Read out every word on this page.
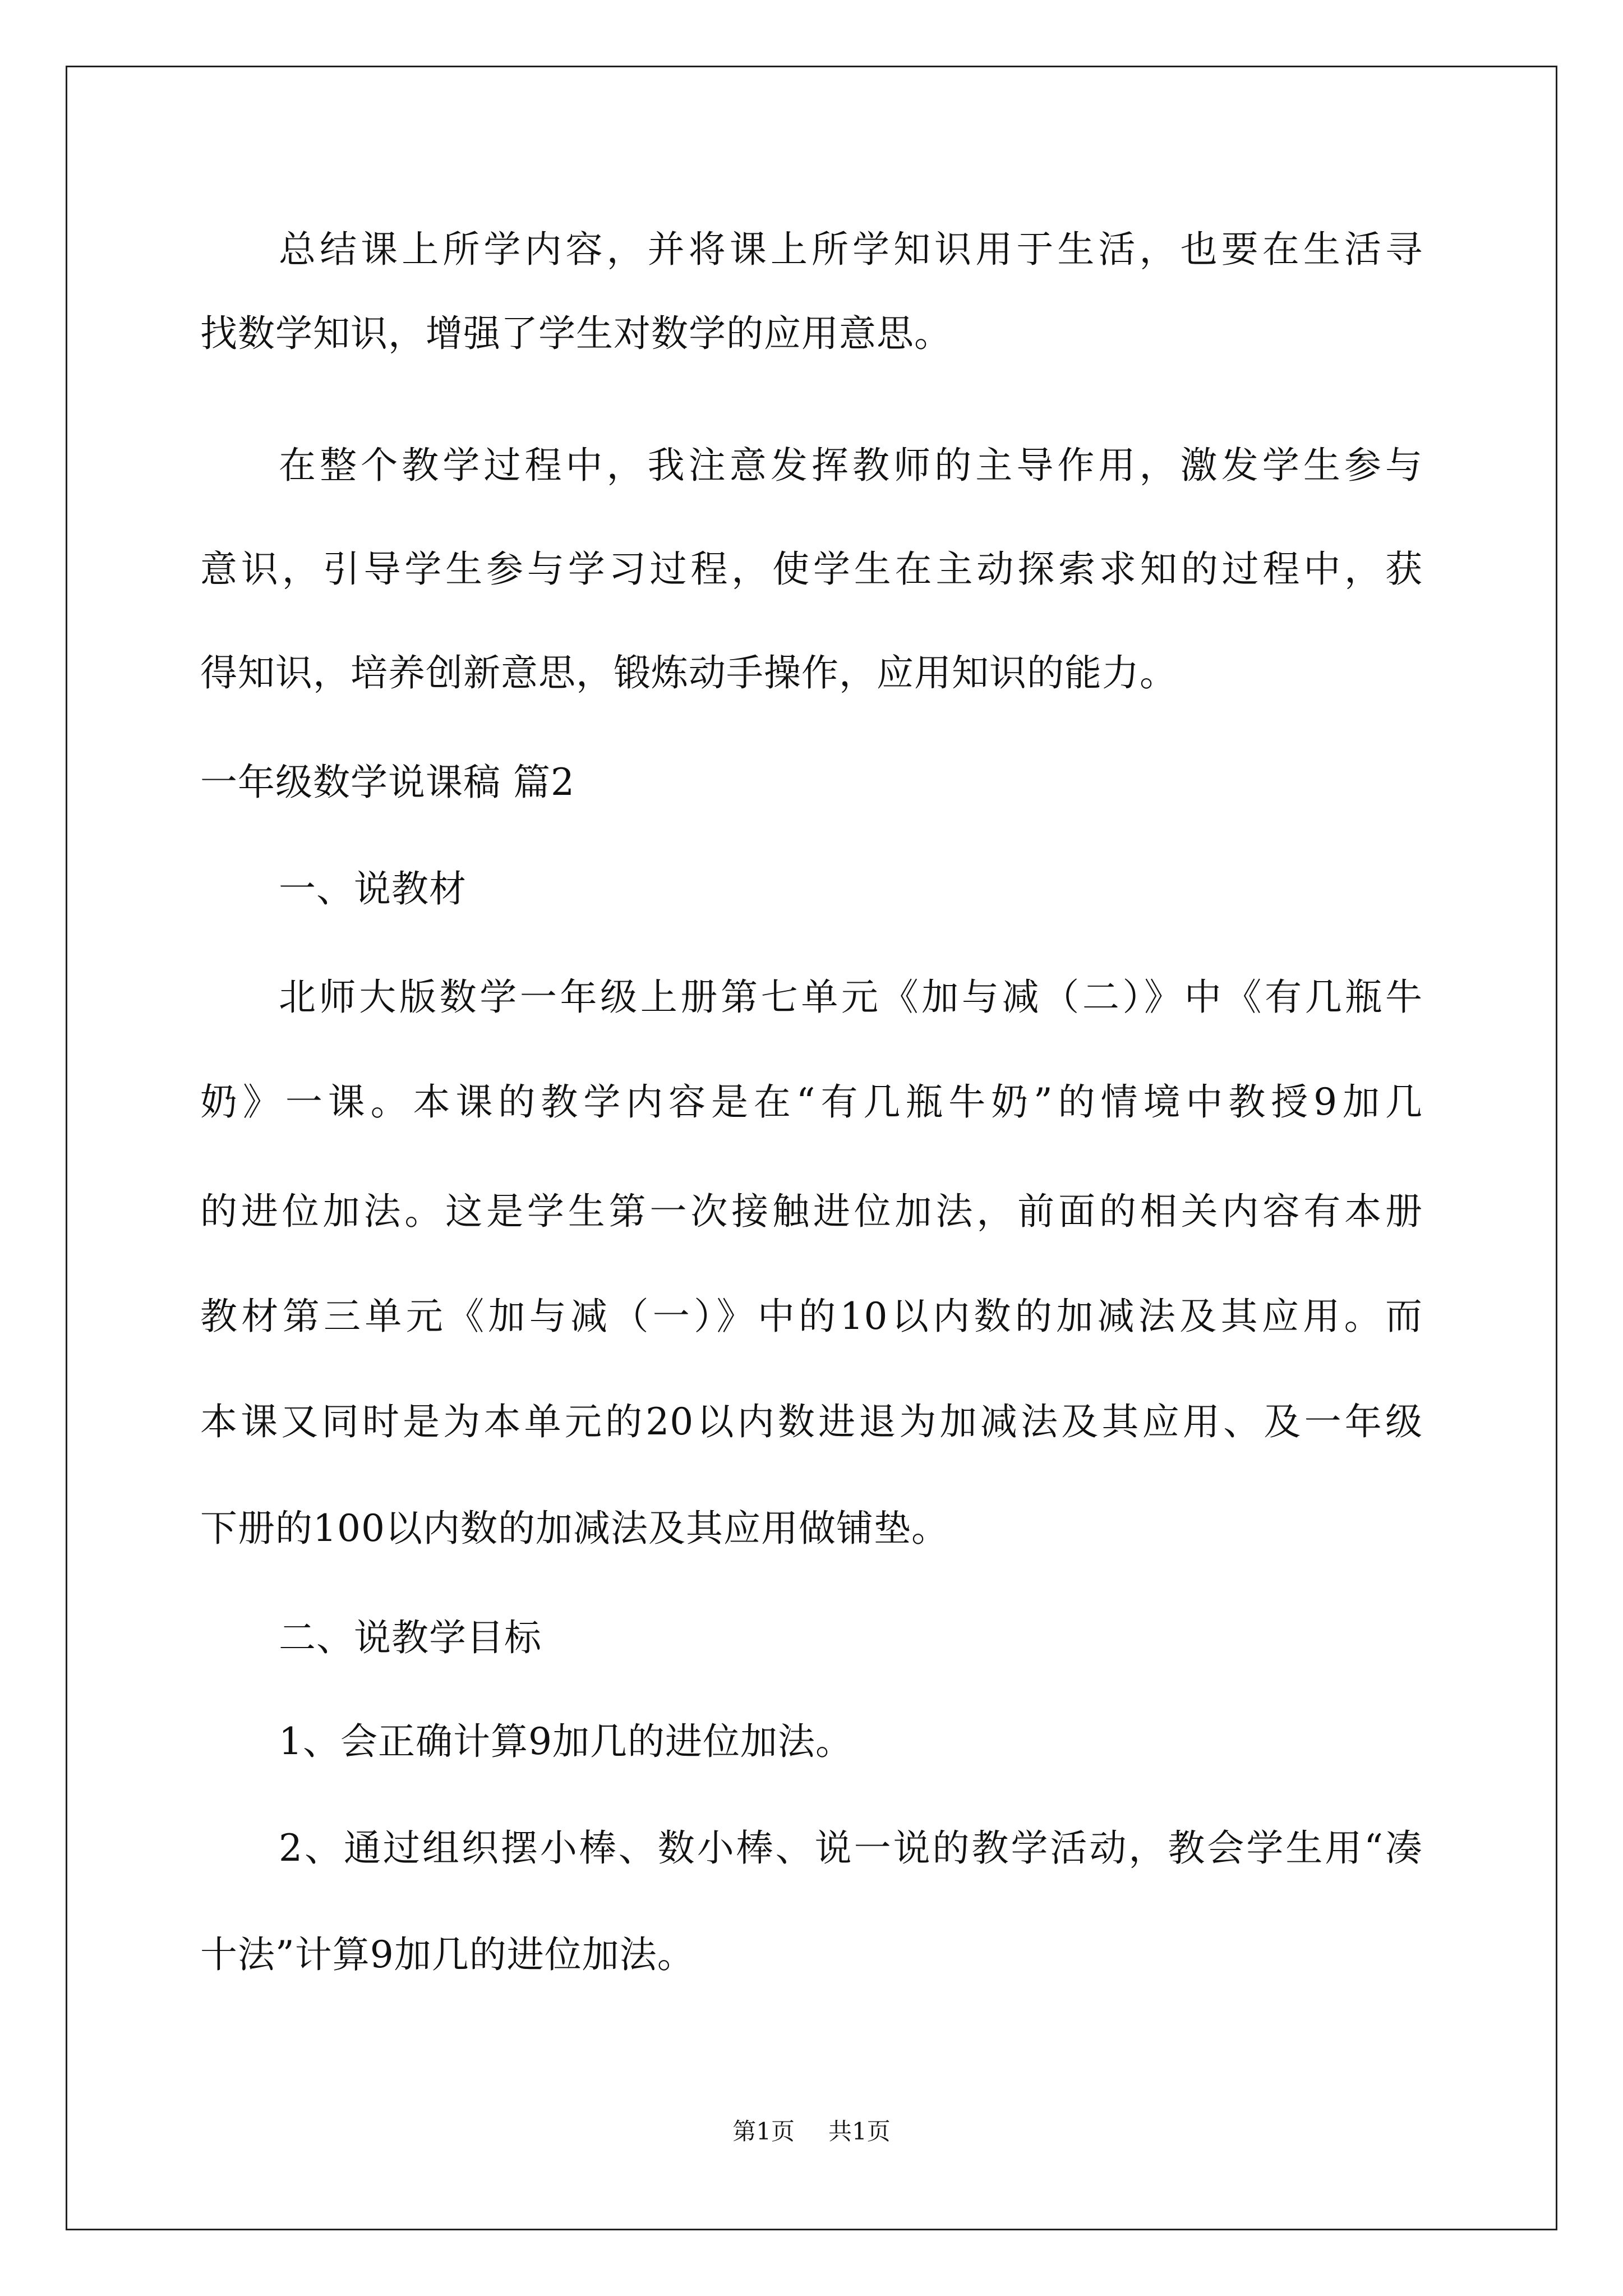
总结课上所学内容，并将课上所学知识用于生活，也要在生活寻
找数学知识，增强了学生对数学的应用意思。
在整个教学过程中，我注意发挥教师的主导作用，激发学生参与
意识，引导学生参与学习过程，使学生在主动探索求知的过程中，获
得知识，培养创新意思，锻炼动手操作，应用知识的能力。
一年级数学说课稿 篇2
一、说教材
北师大版数学一年级上册第七单元《加与减（二）》中《有几瓶牛
奶》一课。本课的教学内容是在“有几瓶牛奶”的情境中教授9加几
的进位加法。这是学生第一次接触进位加法，前面的相关内容有本册
教材第三单元《加与减（一）》中的10以内数的加减法及其应用。而
本课又同时是为本单元的20以内数进退为加减法及其应用、及一年级
下册的100以内数的加减法及其应用做铺垫。
二、说教学目标
1、会正确计算9加几的进位加法。
2、通过组织摆小棒、数小棒、说一说的教学活动，教会学生用“凑
十法”计算9加几的进位加法。
第1页 共1页
